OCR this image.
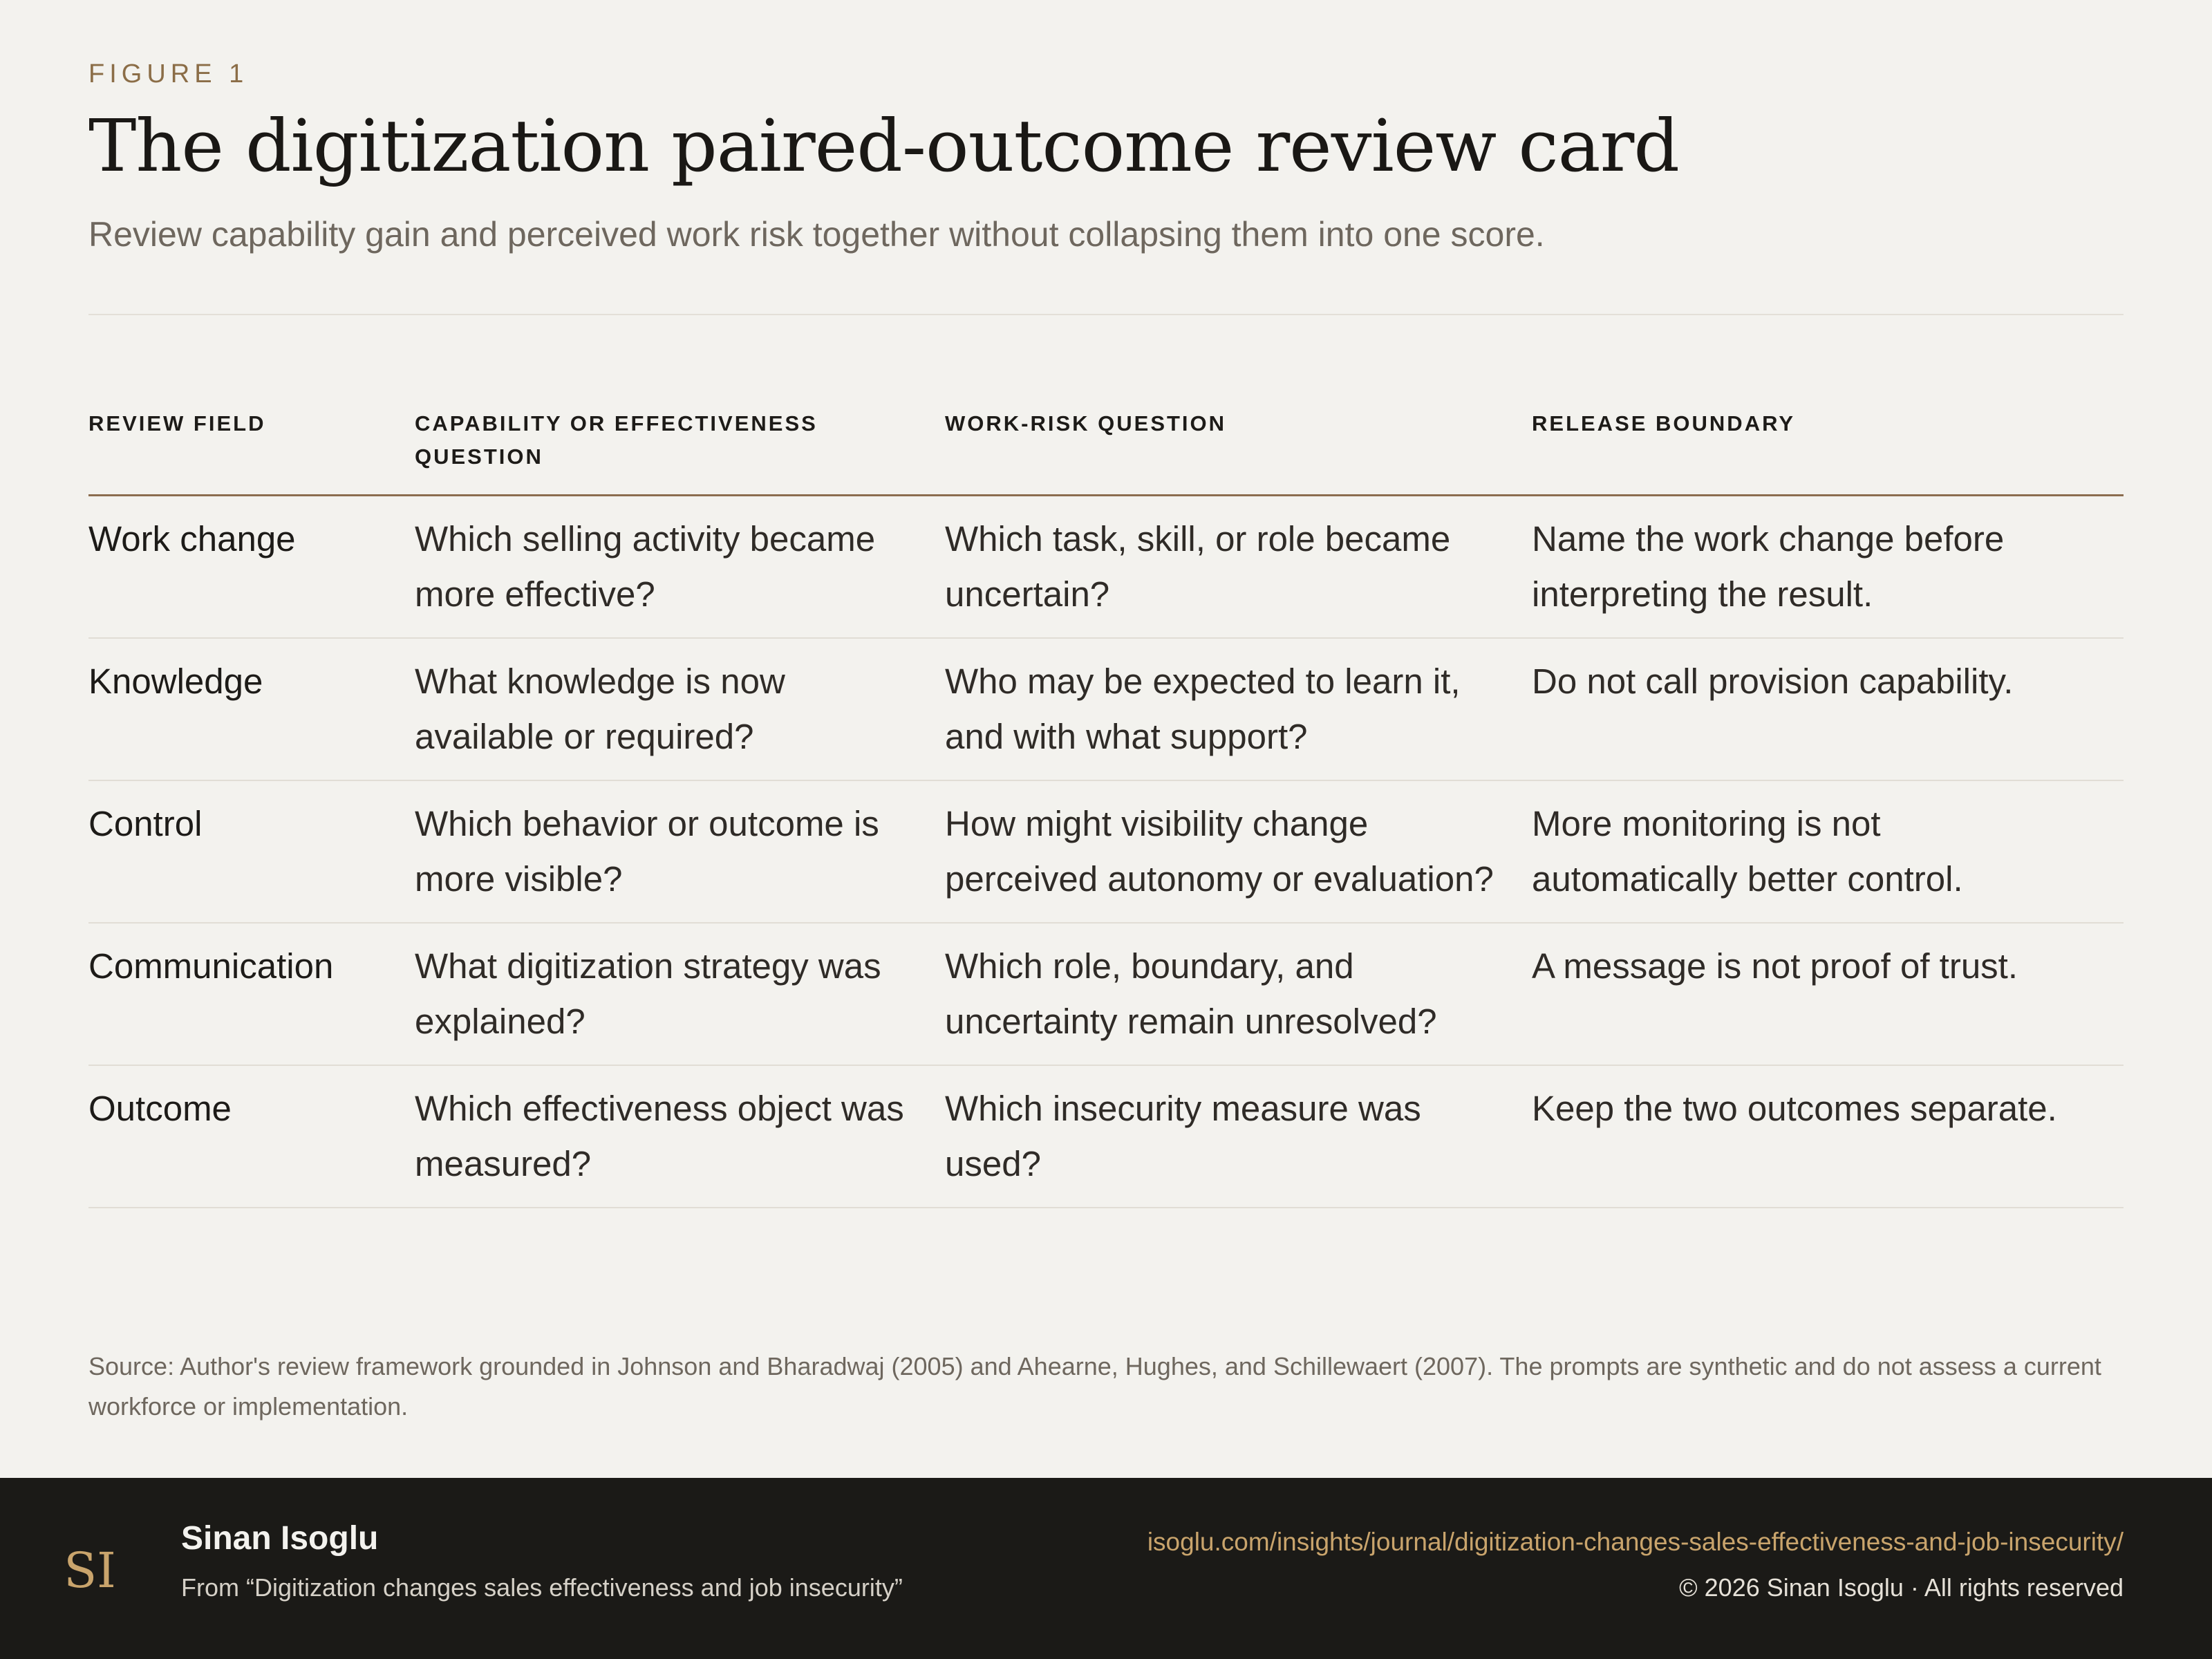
FIGURE 1
The digitization paired-outcome review card
Review capability gain and perceived work risk together without collapsing them into one score.
REVIEW FIELD	CAPABILITY OR EFFECTIVENESS QUESTION	WORK-RISK QUESTION	RELEASE BOUNDARY
Work change	Which selling activity became more effective?	Which task, skill, or role became uncertain?	Name the work change before interpreting the result.
Knowledge	What knowledge is now available or required?	Who may be expected to learn it, and with what support?	Do not call provision capability.
Control	Which behavior or outcome is more visible?	How might visibility change perceived autonomy or evaluation?	More monitoring is not automatically better control.
Communication	What digitization strategy was explained?	Which role, boundary, and uncertainty remain unresolved?	A message is not proof of trust.
Outcome	Which effectiveness object was measured?	Which insecurity measure was used?	Keep the two outcomes separate.
Source: Author's review framework grounded in Johnson and Bharadwaj (2005) and Ahearne, Hughes, and Schillewaert (2007). The prompts are synthetic and do not assess a current workforce or implementation.
SI
Sinan Isoglu
From “Digitization changes sales effectiveness and job insecurity”
isoglu.com/insights/journal/digitization-changes-sales-effectiveness-and-job-insecurity/
© 2026 Sinan Isoglu · All rights reserved
